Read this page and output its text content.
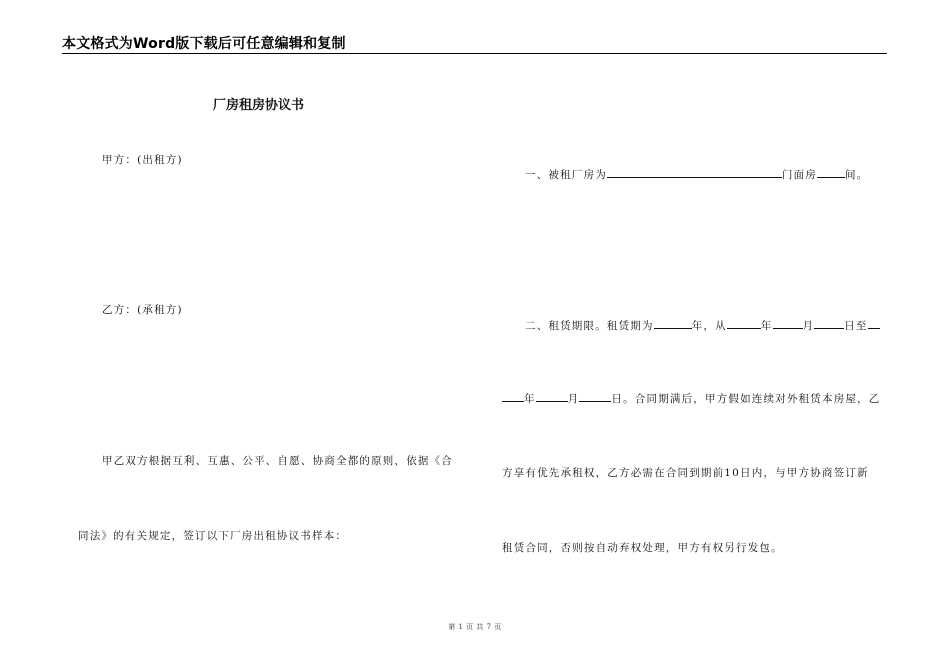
本文格式为Word版下载后可任意编辑和复制
厂房租房协议书
甲方：(出租方)
乙方：(承租方)
甲乙双方根据互利、互惠、公平、自愿、协商全都的原则，依据《合
同法》的有关规定，签订以下厂房出租协议书样本：
一、被租厂房为	门面房	间。
二、租赁期限。租赁期为	年，从	年	月	日至
年	月	日。合同期满后，甲方假如连续对外租赁本房屋，乙
方享有优先承租权，乙方必需在合同到期前10日内，与甲方协商签订新
租赁合同，否则按自动弃权处理，甲方有权另行发包。
第 1 页 共 7 页
